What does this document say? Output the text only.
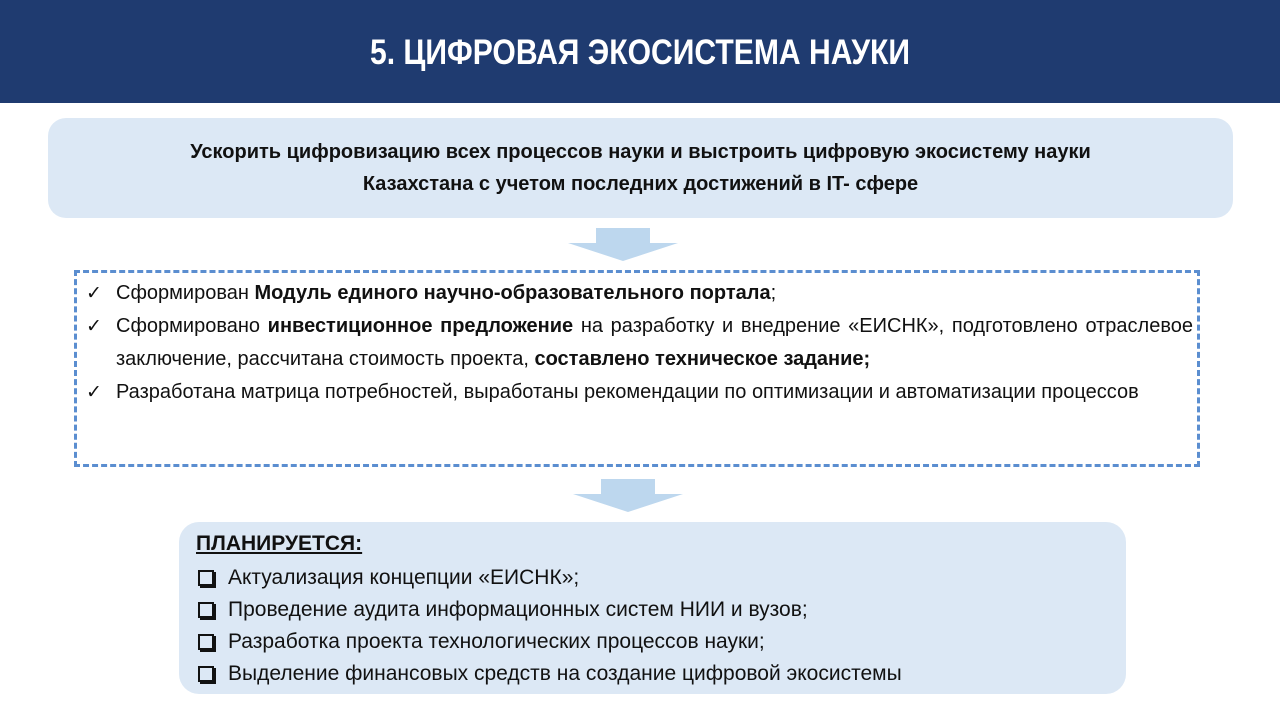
5. ЦИФРОВАЯ ЭКОСИСТЕМА НАУКИ
Ускорить цифровизацию всех процессов науки и выстроить цифровую экосистему науки
Казахстана с учетом последних достижений в IT- сфере
✓ Сформирован Модуль единого научно-образовательного портала;
✓ Сформировано инвестиционное предложение на разработку и внедрение «ЕИСНК», подготовлено отраслевое заключение, рассчитана стоимость проекта, составлено техническое задание;
✓ Разработана матрица потребностей, выработаны рекомендации по оптимизации и автоматизации процессов
ПЛАНИРУЕТСЯ:
Актуализация концепции «ЕИСНК»;
Проведение аудита информационных систем НИИ и вузов;
Разработка проекта технологических процессов науки;
Выделение финансовых средств на создание цифровой экосистемы
